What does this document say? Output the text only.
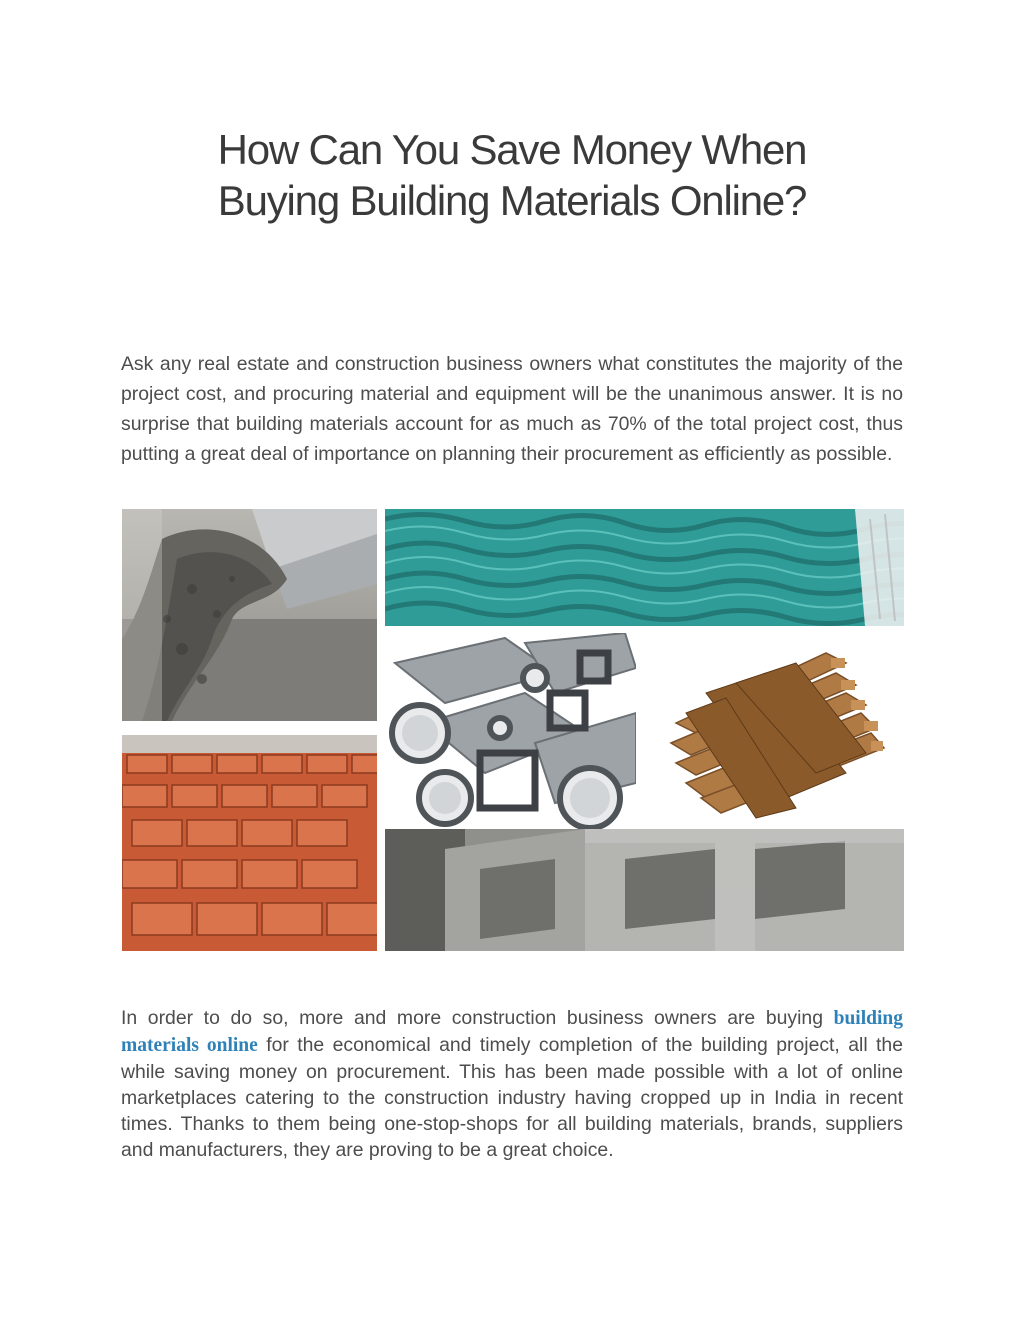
How Can You Save Money When
Buying Building Materials Online?

Ask any real estate and construction business owners what constitutes the majority of the project cost, and procuring material and equipment will be the unanimous answer. It is no surprise that building materials account for as much as 70% of the total project cost, thus putting a great deal of importance on planning their procurement as efficiently as possible.

In order to do so, more and more construction business owners are buying building materials online for the economical and timely completion of the building project, all the while saving money on procurement. This has been made possible with a lot of online marketplaces catering to the construction industry having cropped up in India in recent times. Thanks to them being one-stop-shops for all building materials, brands, suppliers and manufacturers, they are proving to be a great choice.
